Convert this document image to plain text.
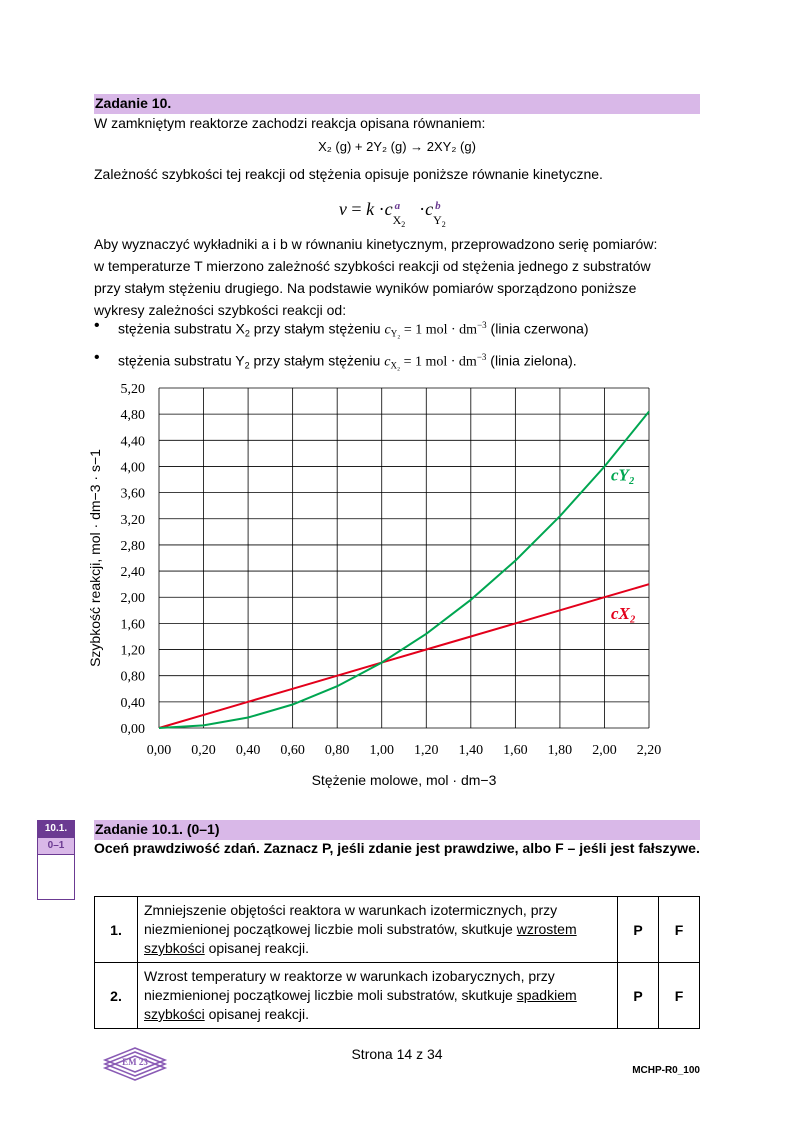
Zadanie 10.
W zamkniętym reaktorze zachodzi reakcja opisana równaniem:
X₂ (g) + 2Y₂ (g) → 2XY₂ (g)
Zależność szybkości tej reakcji od stężenia opisuje poniższe równanie kinetyczne.
v = k ·c a
$X_2$
·c b
$Y_2$
Aby wyznaczyć wykładniki a i b w równaniu kinetycznym, przeprowadzono serię pomiarów:
w temperaturze T mierzono zależność szybkości reakcji od stężenia jednego z substratów
przy stałym stężeniu drugiego. Na podstawie wyników pomiarów sporządzono poniższe
wykresy zależności szybkości reakcji od:
• stężenia substratu $X_2$ przy stałym stężeniu $c_{Y_2} = 1$ mol · $dm^{-3}$ (linia czerwona)
• stężenia substratu $Y_2$ przy stałym stężeniu $c_{X_2} = 1$ mol · $dm^{-3}$ (linia zielona).
0,00
0,40
0,80
1,20
1,60
2,00
2,40
2,80
3,20
3,60
4,00
4,40
4,80
5,20
0,00 0,20 0,40 0,60 0,80 1,00 1,20 1,40 1,60 1,80 2,00 2,20
cX₂
cY₂
Stężenie molowe, mol · dm−3
Szybkość reakcji, mol · dm−3 · s−1
10.1.
0–1
Zadanie 10.1. (0–1)
Oceń prawdziwość zdań. Zaznacz P, jeśli zdanie jest prawdziwe, albo F – jeśli jest fałszywe.
1.	Zmniejszenie objętości reaktora w warunkach izotermicznych, przy niezmienionej początkowej liczbie moli substratów, skutkuje wzrostem szybkości opisanej reakcji.	P	F
2.	Wzrost temperatury w reaktorze w warunkach izobarycznych, przy niezmienionej początkowej liczbie moli substratów, skutkuje spadkiem szybkości opisanej reakcji.	P	F
EM 23	Strona 14 z 34
MCHP-R0_100
